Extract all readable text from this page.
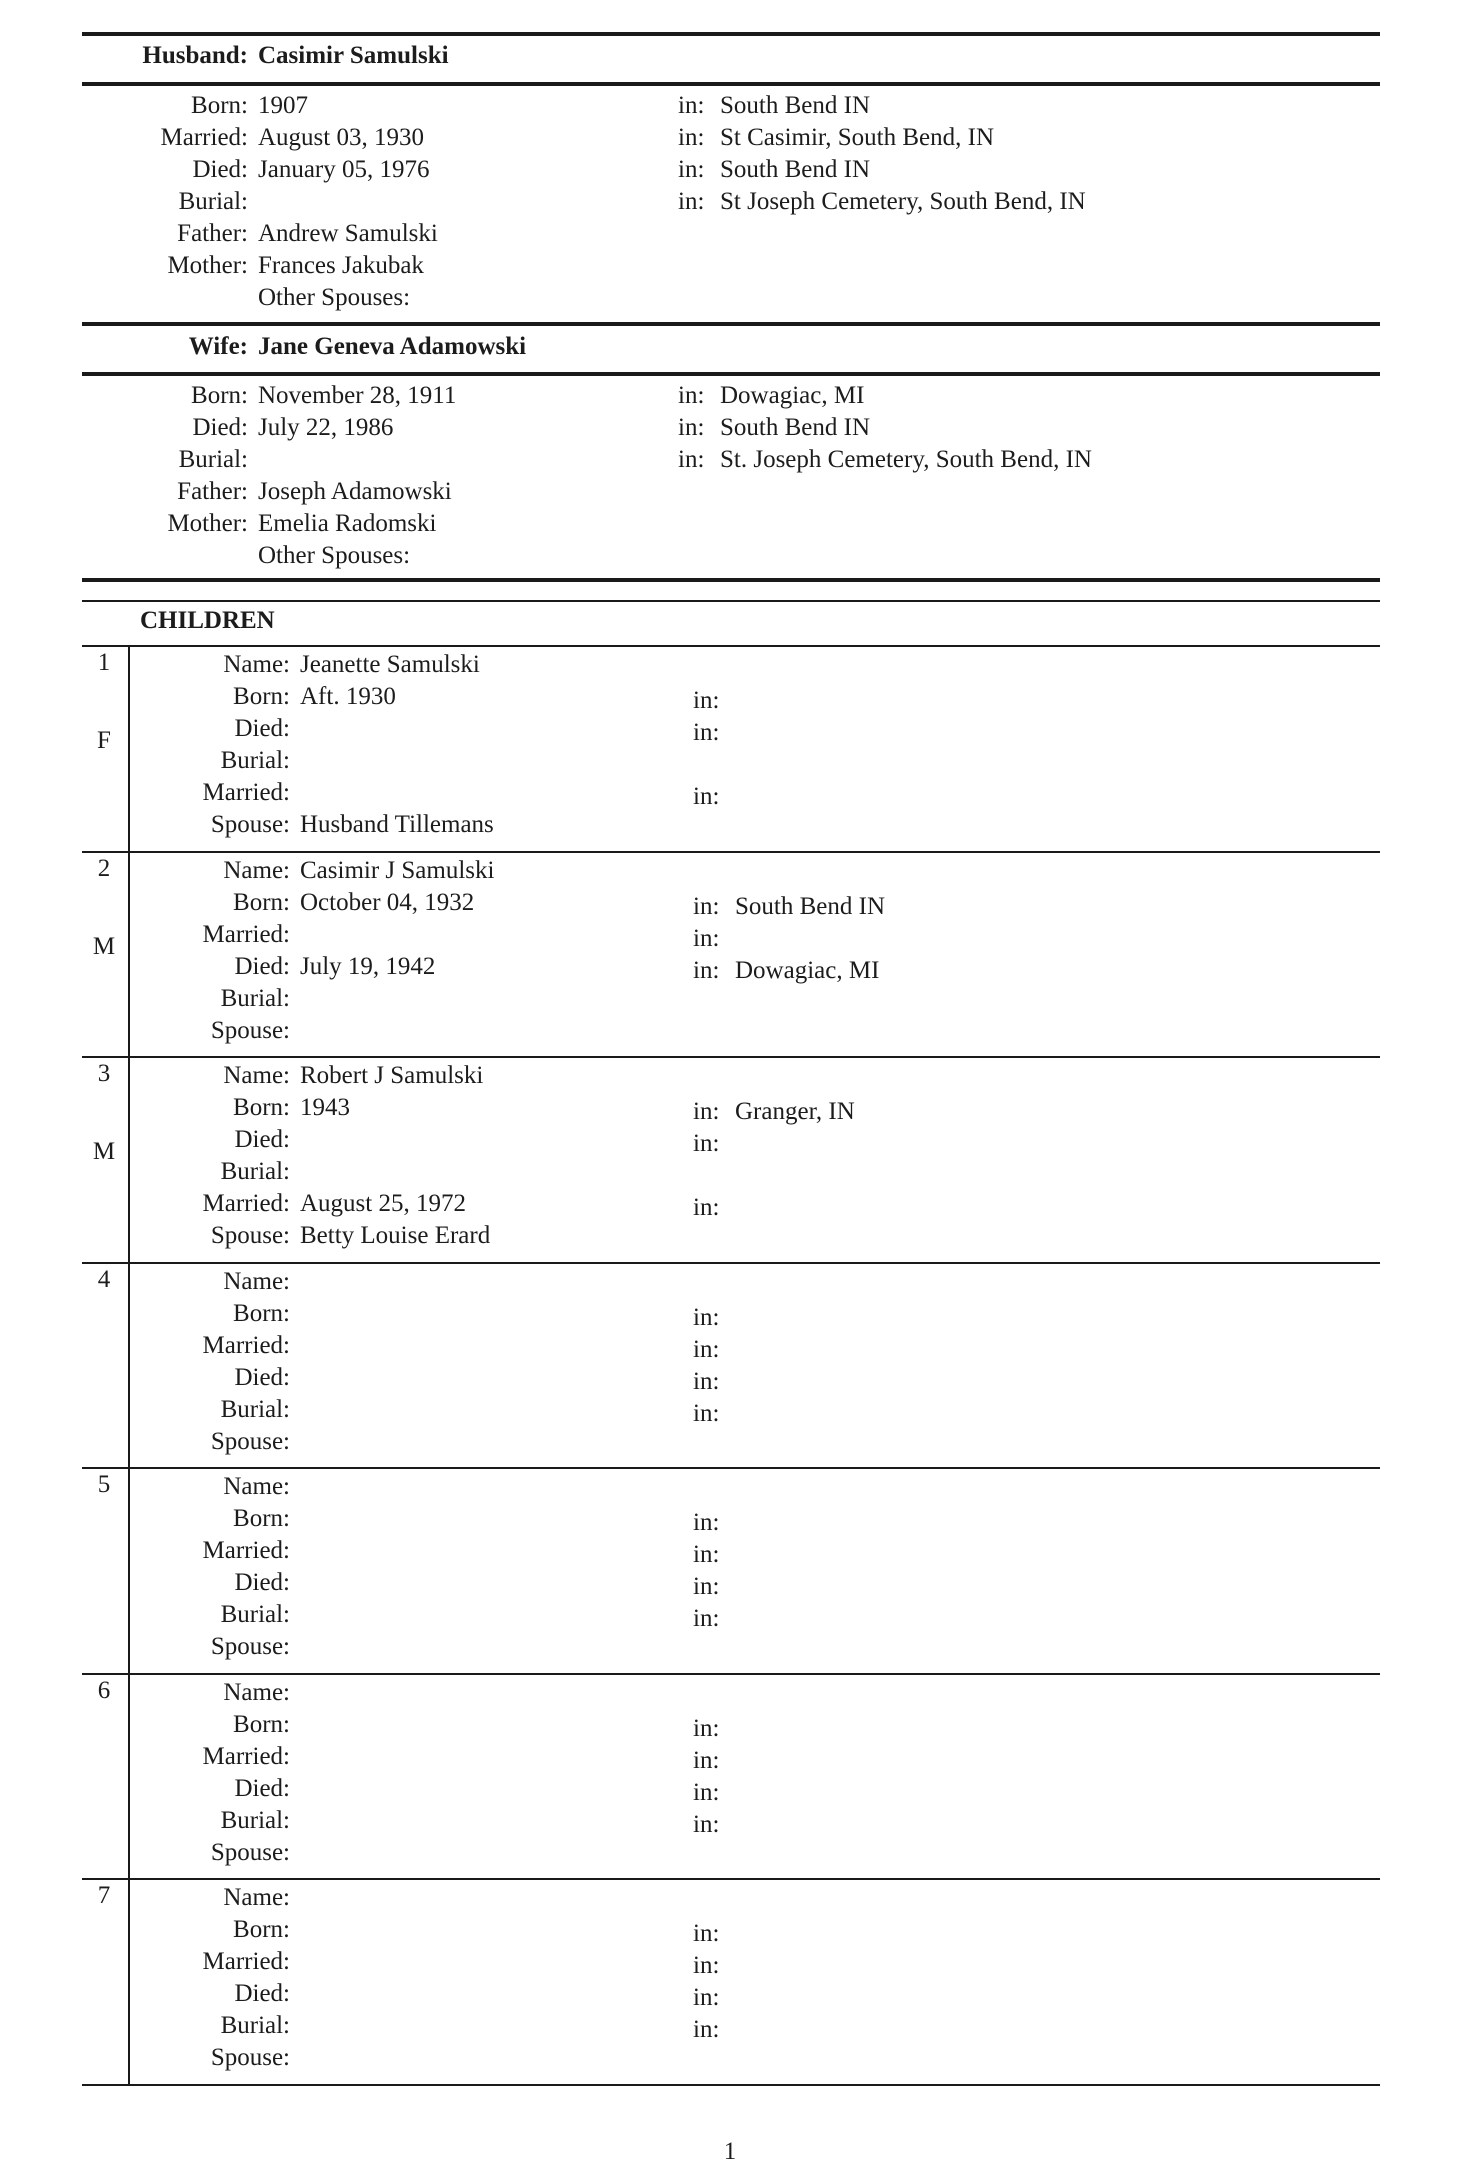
Husband: Casimir Samulski
Born: 1907	in: South Bend IN
Married: August 03, 1930	in: St Casimir, South Bend, IN
Died: January 05, 1976	in: South Bend IN
Burial:	in: St Joseph Cemetery, South Bend, IN
Father: Andrew Samulski
Mother: Frances Jakubak
Other Spouses:
Wife: Jane Geneva Adamowski
Born: November 28, 1911	in: Dowagiac, MI
Died: July 22, 1986	in: South Bend IN
Burial:	in: St. Joseph Cemetery, South Bend, IN
Father: Joseph Adamowski
Mother: Emelia Radomski
Other Spouses:
CHILDREN
1
F
Name: Jeanette Samulski
Born: Aft. 1930	in:
Died:	in:
Burial:
Married:	in:
Spouse: Husband Tillemans
2
M
Name: Casimir J Samulski
Born: October 04, 1932	in: South Bend IN
Married:	in:
Died: July 19, 1942	in: Dowagiac, MI
Burial:
Spouse:
3
M
Name: Robert J Samulski
Born: 1943	in: Granger, IN
Died:	in:
Burial:
Married: August 25, 1972	in:
Spouse: Betty Louise Erard
4	Name:
Born:	in:
Married:	in:
Died:	in:
Burial:	in:
Spouse:
5	Name:
Born:	in:
Married:	in:
Died:	in:
Burial:	in:
Spouse:
6	Name:
Born:	in:
Married:	in:
Died:	in:
Burial:	in:
Spouse:
7	Name:
Born:	in:
Married:	in:
Died:	in:
Burial:	in:
Spouse:
1
